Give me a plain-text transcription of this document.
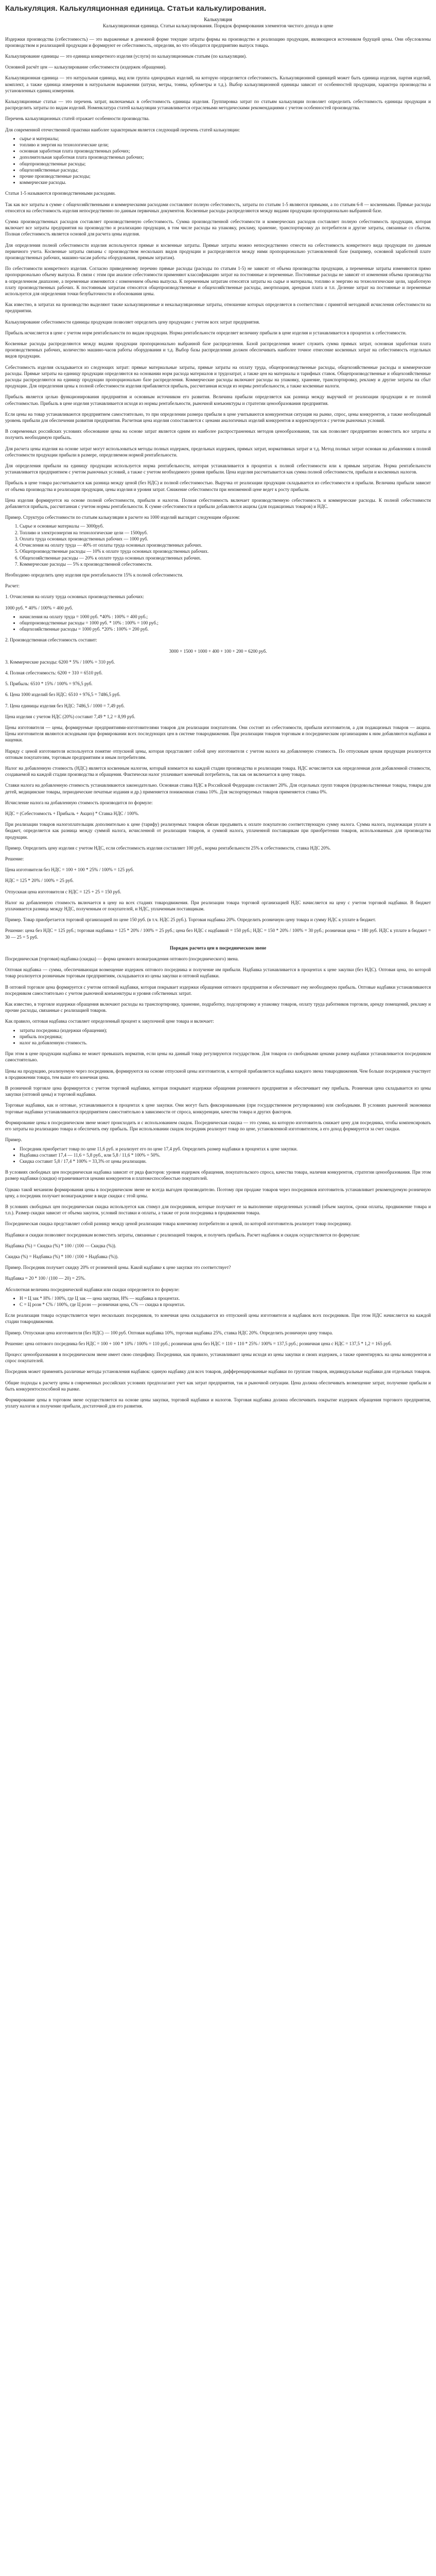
Калькуляция. Калькуляционная единица. Статьи калькулирования.
Калькуляция
Калькуляционная единица. Статьи калькулирования. Порядок формирования элементов чистого дохода в цене

Издержки производства (себестоимость) — это выраженные в денежной форме текущие затраты фирмы на производство и реализацию продукции, являющиеся источником будущей цены. Они обусловлены производством и реализацией продукции и формируют ее себестоимость, определяя, во что обходится предприятию выпуск товара.

Калькулирование единицы — это единица конкретного изделия (услуги) по калькуляционным статьям (по калькуляции).

Основной расчёт цен — калькулирование себестоимости (издержек обращения).

Калькуляционная единица — это натуральная единица, вид или группа однородных изделий, на которую определяется себестоимость. Калькуляционной единицей может быть единица изделия, партия изделий, комплект, а также единица измерения в натуральном выражении (штуки, метры, тонны, кубометры и т.д.). Выбор калькуляционной единицы зависит от особенностей продукции, характера производства и установленных единиц измерения.

Калькуляционные статьи — это перечень затрат, включаемых в себестоимость единицы изделия. Группировка затрат по статьям калькуляции позволяет определить себестоимость единицы продукции и распределить затраты по видам изделий. Номенклатура статей калькуляции устанавливается отраслевыми методическими рекомендациями с учетом особенностей производства.

Перечень калькуляционных статей отражает особенности производства.

Для современной отечественной практики наиболее характерным является следующий перечень статей калькуляции:

• сырье и материалы;
• топливо и энергия на технологические цели;
• основная заработная плата производственных рабочих;
• дополнительная заработная плата производственных рабочих;
• общепроизводственные расходы;
• общехозяйственные расходы;
• прочие производственные расходы;
• коммерческие расходы.

Статьи 1-5 называются производственными расходами.

Так как все затраты в сумме с общехозяйственными и коммерческими расходами составляют полную себестоимость, затраты по статьям 1-5 являются прямыми, а по статьям 6-8 — косвенными. Прямые расходы относятся на себестоимость изделия непосредственно по данным первичных документов. Косвенные расходы распределяются между видами продукции пропорционально выбранной базе.

Сумма производственных расходов составляет производственную себестоимость. Сумма производственной себестоимости и коммерческих расходов составляет полную себестоимость продукции, которая включает все затраты предприятия на производство и реализацию продукции, в том числе расходы на упаковку, рекламу, хранение, транспортировку до потребителя и другие затраты, связанные со сбытом. Полная себестоимость является основой для расчета цены изделия.

Для определения полной себестоимости изделия используются прямые и косвенные затраты. Прямые затраты можно непосредственно отнести на себестоимость конкретного вида продукции по данным первичного учета. Косвенные затраты связаны с производством нескольких видов продукции и распределяются между ними пропорционально установленной базе (например, основной заработной плате производственных рабочих, машино-часам работы оборудования, прямым затратам).

По себестоимости конкретного изделия. Согласно приведенному перечню прямые расходы (расходы по статьям 1-5) не зависят от объема производства продукции, а переменные затраты изменяются прямо пропорционально объему выпуска. В связи с этим при анализе себестоимости применяют классификацию затрат на постоянные и переменные. Постоянные расходы не зависят от изменения объема производства в определенном диапазоне, а переменные изменяются с изменением объема выпуска. К переменным затратам относятся затраты на сырье и материалы, топливо и энергию на технологические цели, заработную плату производственных рабочих. К постоянным затратам относятся общепроизводственные и общехозяйственные расходы, амортизация, арендная плата и т.п. Деление затрат на постоянные и переменные используется для определения точки безубыточности и обоснования цены.

Как известно, в затратах на производство выделяют также калькуляционные и некалькуляционные затраты, отношение которых определяется в соответствии с принятой методикой исчисления себестоимости на предприятии.

Калькулирование себестоимости единицы продукции позволяет определить цену продукции с учетом всех затрат предприятия.

Прибыль исчисляется в цене с учетом норм рентабельности по видам продукции. Норма рентабельности определяет величину прибыли в цене изделия и устанавливается в процентах к себестоимости.

Косвенные расходы распределяются между видами продукции пропорционально выбранной базе распределения. Базой распределения может служить сумма прямых затрат, основная заработная плата производственных рабочих, количество машино-часов работы оборудования и т.д. Выбор базы распределения должен обеспечивать наиболее точное отнесение косвенных затрат на себестоимость отдельных видов продукции.

Себестоимость изделия складывается из следующих затрат: прямые материальные затраты, прямые затраты на оплату труда, общепроизводственные расходы, общехозяйственные расходы и коммерческие расходы. Прямые затраты на единицу продукции определяются на основании норм расхода материалов и трудозатрат, а также цен на материалы и тарифных ставок. Общепроизводственные и общехозяйственные расходы распределяются на единицу продукции пропорционально базе распределения. Коммерческие расходы включают расходы на упаковку, хранение, транспортировку, рекламу и другие затраты на сбыт продукции. Для определения цены к полной себестоимости изделия прибавляется прибыль, рассчитанная исходя из нормы рентабельности, а также косвенные налоги.

Прибыль является целью функционирования предприятия и основным источником его развития. Величина прибыли определяется как разница между выручкой от реализации продукции и ее полной себестоимостью. Прибыль в цене изделия устанавливается исходя из нормы рентабельности, рыночной конъюнктуры и стратегии ценообразования предприятия.

Если цены на товар устанавливаются предприятием самостоятельно, то при определении размера прибыли в цене учитываются конкурентная ситуация на рынке, спрос, цены конкурентов, а также необходимый уровень прибыли для обеспечения развития предприятия. Расчетная цена изделия сопоставляется с ценами аналогичных изделий конкурентов и корректируется с учетом рыночных условий.

В современных российских условиях обоснование цены на основе затрат является одним из наиболее распространенных методов ценообразования, так как позволяет предприятию возместить все затраты и получить необходимую прибыль.

Для расчета цены изделия на основе затрат могут использоваться методы полных издержек, предельных издержек, прямых затрат, нормативных затрат и т.д. Метод полных затрат основан на добавлении к полной себестоимости продукции прибыли в размере, определяемом нормой рентабельности.

Для определения прибыли на единицу продукции используется норма рентабельности, которая устанавливается в процентах к полной себестоимости или к прямым затратам. Норма рентабельности устанавливается предприятием с учетом рыночных условий, а также с учетом необходимого уровня прибыли. Цена изделия рассчитывается как сумма полной себестоимости, прибыли и косвенных налогов.

Прибыль в цене товара рассчитывается как разница между ценой (без НДС) и полной себестоимостью. Выручка от реализации продукции складывается из себестоимости и прибыли. Величина прибыли зависит от объема производства и реализации продукции, цены изделия и уровня затрат. Снижение себестоимости при неизменной цене ведет к росту прибыли.

Цена изделия формируется на основе полной себестоимости, прибыли и налогов. Полная себестоимость включает производственную себестоимость и коммерческие расходы. К полной себестоимости добавляется прибыль, рассчитанная с учетом нормы рентабельности. К сумме себестоимости и прибыли добавляются акцизы (для подакцизных товаров) и НДС.

Пример. Структура себестоимости по статьям калькуляции в расчете на 1000 изделий выглядит следующим образом:

1. Сырье и основные материалы — 3000руб.
2. Топливо и электроэнергия на технологические цели — 1500руб.
3. Оплата труда основных производственных рабочих — 1000 руб.
4. Отчисления на оплату труда — 40% от оплаты труда основных производственных рабочих.
5. Общепроизводственные расходы — 10% к оплате труда основных производственных рабочих.
6. Общехозяйственные расходы — 20% к оплате труда основных производственных рабочих.
7. Коммерческие расходы — 5% к производственной себестоимости.

Необходимо определить цену изделия при рентабельности 15% к полной себестоимости.

Расчет:

1. Отчисления на оплату труда основных производственных рабочих:

1000 руб. * 40% / 100% = 400 руб.

• начисления на оплату труда = 1000 руб. *40% : 100% = 400 руб.;
• общепроизводственные расходы = 1000 руб. * 10% : 100% = 100 руб.;
• общехозяйственные расходы = 1000 руб. *20% : 100% = 200 руб.

2. Производственная себестоимость составит:

3000 + 1500 + 1000 + 400 + 100 + 200 = 6200 руб.

3. Коммерческие расходы: 6200 * 5% / 100% = 310 руб.

4. Полная себестоимость: 6200 + 310 = 6510 руб.

5. Прибыль: 6510 * 15% / 100% = 976,5 руб.

6. Цена 1000 изделий без НДС: 6510 + 976,5 = 7486,5 руб.

7. Цена единицы изделия без НДС: 7486,5 / 1000 = 7,49 руб.

Цена изделия с учетом НДС (20%) составит 7,49 * 1,2 = 8,99 руб.

Цены изготовителя — цены, формируемые предприятиями-изготовителями товаров для реализации покупателям. Они состоят из себестоимости, прибыли изготовителя, а для подакцизных товаров — акциза. Цены изготовителя являются исходными при формировании всех последующих цен в системе товародвижения. При реализации товаров торговым и посредническим организациям к ним добавляются надбавки и наценки.

Наряду с ценой изготовителя используется понятие отпускной цены, которая представляет собой цену изготовителя с учетом налога на добавленную стоимость. По отпускным ценам продукция реализуется оптовым покупателям, торговым предприятиям и иным потребителям.

Налог на добавленную стоимость (НДС) является косвенным налогом, который взимается на каждой стадии производства и реализации товара. НДС исчисляется как определенная доля добавленной стоимости, создаваемой на каждой стадии производства и обращения. Фактически налог уплачивает конечный потребитель, так как он включается в цену товара.

Ставки налога на добавленную стоимость устанавливаются законодательно. Основная ставка НДС в Российской Федерации составляет 20%. Для отдельных групп товаров (продовольственные товары, товары для детей, медицинские товары, периодические печатные издания и др.) применяется пониженная ставка 10%. Для экспортируемых товаров применяется ставка 0%.

Исчисление налога на добавленную стоимость производится по формуле:

НДС = (Себестоимость + Прибыль + Акциз) * Ставка НДС / 100%.

При реализации товаров налогоплательщик дополнительно к цене (тарифу) реализуемых товаров обязан предъявить к оплате покупателю соответствующую сумму налога. Сумма налога, подлежащая уплате в бюджет, определяется как разница между суммой налога, исчисленной от реализации товаров, и суммой налога, уплаченной поставщикам при приобретении товаров, использованных для производства продукции.

Пример. Определить цену изделия с учетом НДС, если себестоимость изделия составляет 100 руб., норма рентабельности 25% к себестоимости, ставка НДС 20%.

Решение:

Цена изготовителя без НДС = 100 + 100 * 25% / 100% = 125 руб.

НДС = 125 * 20% / 100% = 25 руб.

Отпускная цена изготовителя с НДС = 125 + 25 = 150 руб.

Налог на добавленную стоимость включается в цену на всех стадиях товародвижения. При реализации товара торговой организацией НДС начисляется на цену с учетом торговой надбавки. В бюджет уплачивается разница между НДС, полученным от покупателей, и НДС, уплаченным поставщикам.

Пример. Товар приобретается торговой организацией по цене 150 руб. (в т.ч. НДС 25 руб.). Торговая надбавка 20%. Определить розничную цену товара и сумму НДС к уплате в бюджет.

Решение: цена без НДС = 125 руб.; торговая надбавка = 125 * 20% / 100% = 25 руб.; цена без НДС с надбавкой = 150 руб.; НДС = 150 * 20% / 100% = 30 руб.; розничная цена = 180 руб. НДС к уплате в бюджет = 30 — 25 = 5 руб.

Порядок расчета цен в посредническом звене

Посредническая (торговая) надбавка (скидка) — форма ценового вознаграждения оптового (посреднического) звена.

Оптовая надбавка — сумма, обеспечивающая возмещение издержек оптового посредника и получение им прибыли. Надбавка устанавливается в процентах к цене закупки (без НДС). Оптовая цена, по которой товар реализуется розничным торговым предприятиям, складывается из цены закупки и оптовой надбавки.

В оптовой торговле цена формируется с учетом оптовой надбавки, которая покрывает издержки обращения оптового предприятия и обеспечивает ему необходимую прибыль. Оптовые надбавки устанавливаются посредником самостоятельно с учетом рыночной конъюнктуры и уровня собственных затрат.

Как известно, в торговле издержки обращения включают расходы на транспортировку, хранение, подработку, подсортировку и упаковку товаров, оплату труда работников торговли, аренду помещений, рекламу и прочие расходы, связанные с реализацией товаров.

Как правило, оптовая надбавка составляет определенный процент к закупочной цене товара и включает:

• затраты посредника (издержки обращения);
• прибыль посредника;
• налог на добавленную стоимость.

При этом в цене продукции надбавка не может превышать норматив, если цены на данный товар регулируются государством. Для товаров со свободными ценами размер надбавки устанавливается посредником самостоятельно.

Цены на продукцию, реализуемую через посредников, формируются на основе отпускной цены изготовителя, к которой прибавляется надбавка каждого звена товародвижения. Чем больше посредников участвует в продвижении товара, тем выше его конечная цена.

В розничной торговле цена формируется с учетом торговой надбавки, которая покрывает издержки обращения розничного предприятия и обеспечивает ему прибыль. Розничная цена складывается из цены закупки (оптовой цены) и торговой надбавки.

Торговые надбавки, как и оптовые, устанавливаются в процентах к цене закупки. Они могут быть фиксированными (при государственном регулировании) или свободными. В условиях рыночной экономики торговые надбавки устанавливаются предприятием самостоятельно в зависимости от спроса, конкуренции, качества товара и других факторов.

Формирование цены в посредническом звене может происходить и с использованием скидок. Посредническая скидка — это сумма, на которую изготовитель снижает цену для посредника, чтобы компенсировать его затраты на реализацию товара и обеспечить ему прибыль. При использовании скидок посредник реализует товар по цене, установленной изготовителем, а его доход формируется за счет скидки.

Пример.

• Посредник приобретает товар по цене 11,6 руб. и реализует его по цене 17,4 руб. Определить размер надбавки в процентах к цене закупки.
• Надбавка составит 17,4 — 11,6 = 5,8 руб., или 5,8 / 11,6 * 100% = 50%.
• Скидка составит 5,8 / 17,4 * 100% = 33,3% от цены реализации.

В условиях свободных цен посредническая надбавка зависит от ряда факторов: уровня издержек обращения, покупательского спроса, качества товара, наличия конкурентов, стратегии ценообразования. При этом размер надбавки (скидки) ограничивается ценами конкурентов и платежеспособностью покупателей.

Однако такой механизм формирования цены в посредническом звене не всегда выгоден производителю. Поэтому при продаже товаров через посредников изготовитель устанавливает рекомендуемую розничную цену, а посредник получает вознаграждение в виде скидки с этой цены.

В условиях свободных цен посредническая скидка используется как стимул для посредников, которые получают ее за выполнение определенных условий (объем закупок, сроки оплаты, продвижение товара и т.п.). Размер скидки зависит от объема закупок, условий поставки и оплаты, а также от роли посредника в продвижении товара.

Посредническая скидка представляет собой разницу между ценой реализации товара конечному потребителю и ценой, по которой изготовитель реализует товар посреднику.

Надбавки и скидки позволяют посредникам возместить затраты, связанные с реализацией товаров, и получить прибыль. Расчет надбавок и скидок осуществляется по формулам:

Надбавка (%) = Скидка (%) * 100 / (100 — Скидка (%)).

Скидка (%) = Надбавка (%) * 100 / (100 + Надбавка (%)).

Пример. Посредник получает скидку 20% от розничной цены. Какой надбавке к цене закупки это соответствует?

Надбавка = 20 * 100 / (100 — 20) = 25%.

Абсолютная величина посреднической надбавки или скидки определяется по формуле:

• Н = Ц зак * Н% / 100%, где Ц зак — цена закупки, Н% — надбавка в процентах.
• С = Ц розн * С% / 100%, где Ц розн — розничная цена, С% — скидка в процентах.

Если реализация товара осуществляется через нескольких посредников, то конечная цена складывается из отпускной цены изготовителя и надбавок всех посредников. При этом НДС начисляется на каждой стадии товародвижения.

Пример. Отпускная цена изготовителя (без НДС) — 100 руб. Оптовая надбавка 10%, торговая надбавка 25%, ставка НДС 20%. Определить розничную цену товара.

Решение: цена оптового посредника без НДС = 100 + 100 * 10% / 100% = 110 руб.; розничная цена без НДС = 110 + 110 * 25% / 100% = 137,5 руб.; розничная цена с НДС = 137,5 * 1,2 = 165 руб.

Процесс ценообразования в посредническом звене имеет свою специфику. Посредники, как правило, устанавливают цены исходя из цены закупки и своих издержек, а также ориентируясь на цены конкурентов и спрос покупателей.

Посредник может применять различные методы установления надбавок: единую надбавку для всех товаров, дифференцированные надбавки по группам товаров, индивидуальные надбавки для отдельных товаров.

Общие подходы к расчету цены в современных российских условиях предполагают учет как затрат предприятия, так и рыночной ситуации. Цена должна обеспечивать возмещение затрат, получение прибыли и быть конкурентоспособной на рынке.

Формирование цены в торговом звене осуществляется на основе цены закупки, торговой надбавки и налогов. Торговая надбавка должна обеспечивать покрытие издержек обращения торгового предприятия, уплату налогов и получение прибыли, достаточной для его развития.
